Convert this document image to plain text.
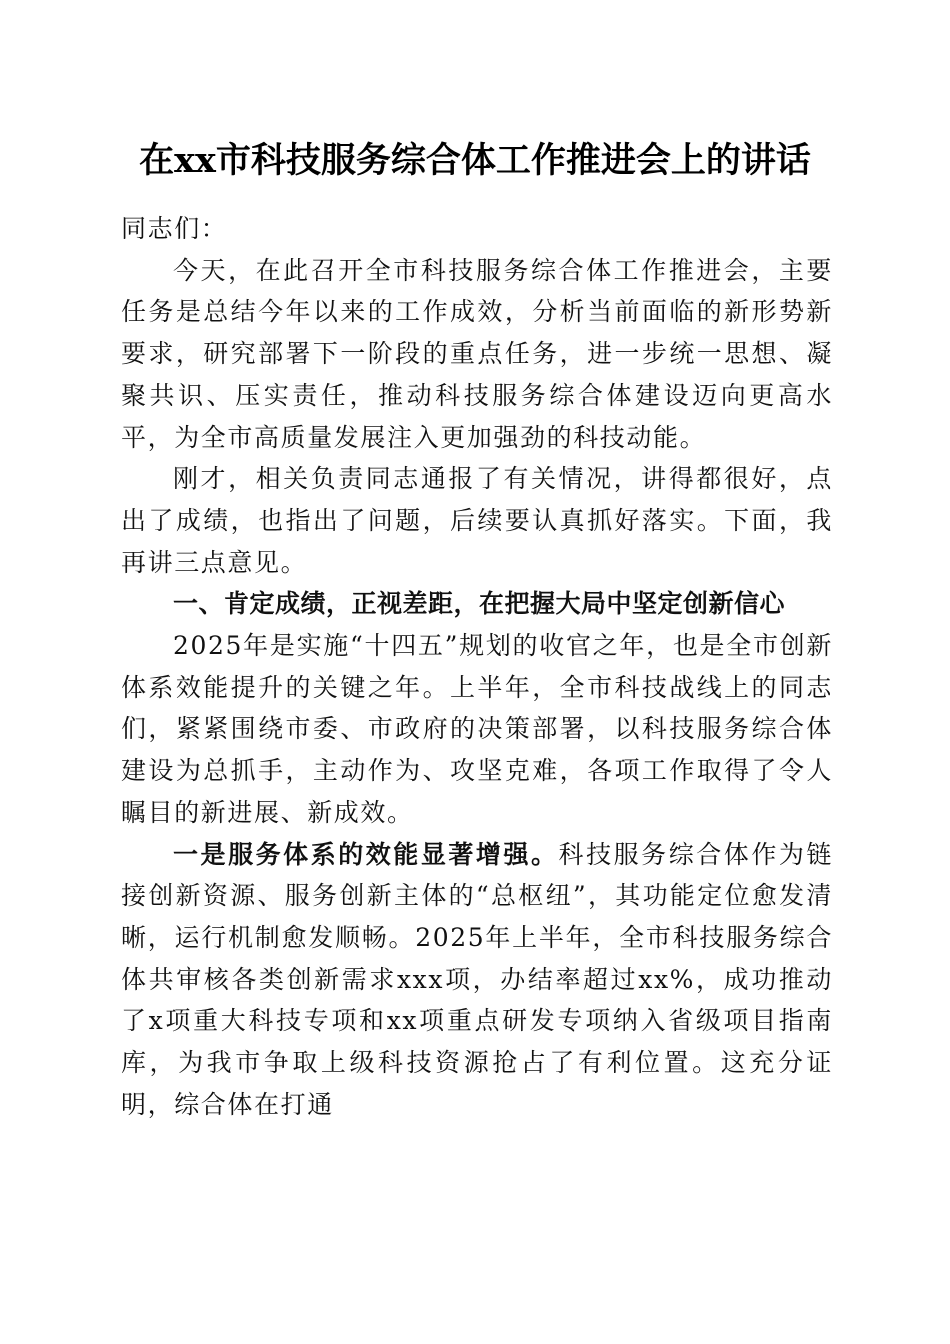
在xx市科技服务综合体工作推进会上的讲话

同志们：

今天，在此召开全市科技服务综合体工作推进会，主要任务是总结今年以来的工作成效，分析当前面临的新形势新要求，研究部署下一阶段的重点任务，进一步统一思想、凝聚共识、压实责任，推动科技服务综合体建设迈向更高水平，为全市高质量发展注入更加强劲的科技动能。

刚才，相关负责同志通报了有关情况，讲得都很好，点出了成绩，也指出了问题，后续要认真抓好落实。下面，我再讲三点意见。

一、肯定成绩，正视差距，在把握大局中坚定创新信心

2025年是实施“十四五”规划的收官之年，也是全市创新体系效能提升的关键之年。上半年，全市科技战线上的同志们，紧紧围绕市委、市政府的决策部署，以科技服务综合体建设为总抓手，主动作为、攻坚克难，各项工作取得了令人瞩目的新进展、新成效。

一是服务体系的效能显著增强。科技服务综合体作为链接创新资源、服务创新主体的“总枢纽”，其功能定位愈发清晰，运行机制愈发顺畅。2025年上半年，全市科技服务综合体共审核各类创新需求xxx项，办结率超过xx%，成功推动了x项重大科技专项和xx项重点研发专项纳入省级项目指南库，为我市争取上级科技资源抢占了有利位置。这充分证明，综合体在打通
